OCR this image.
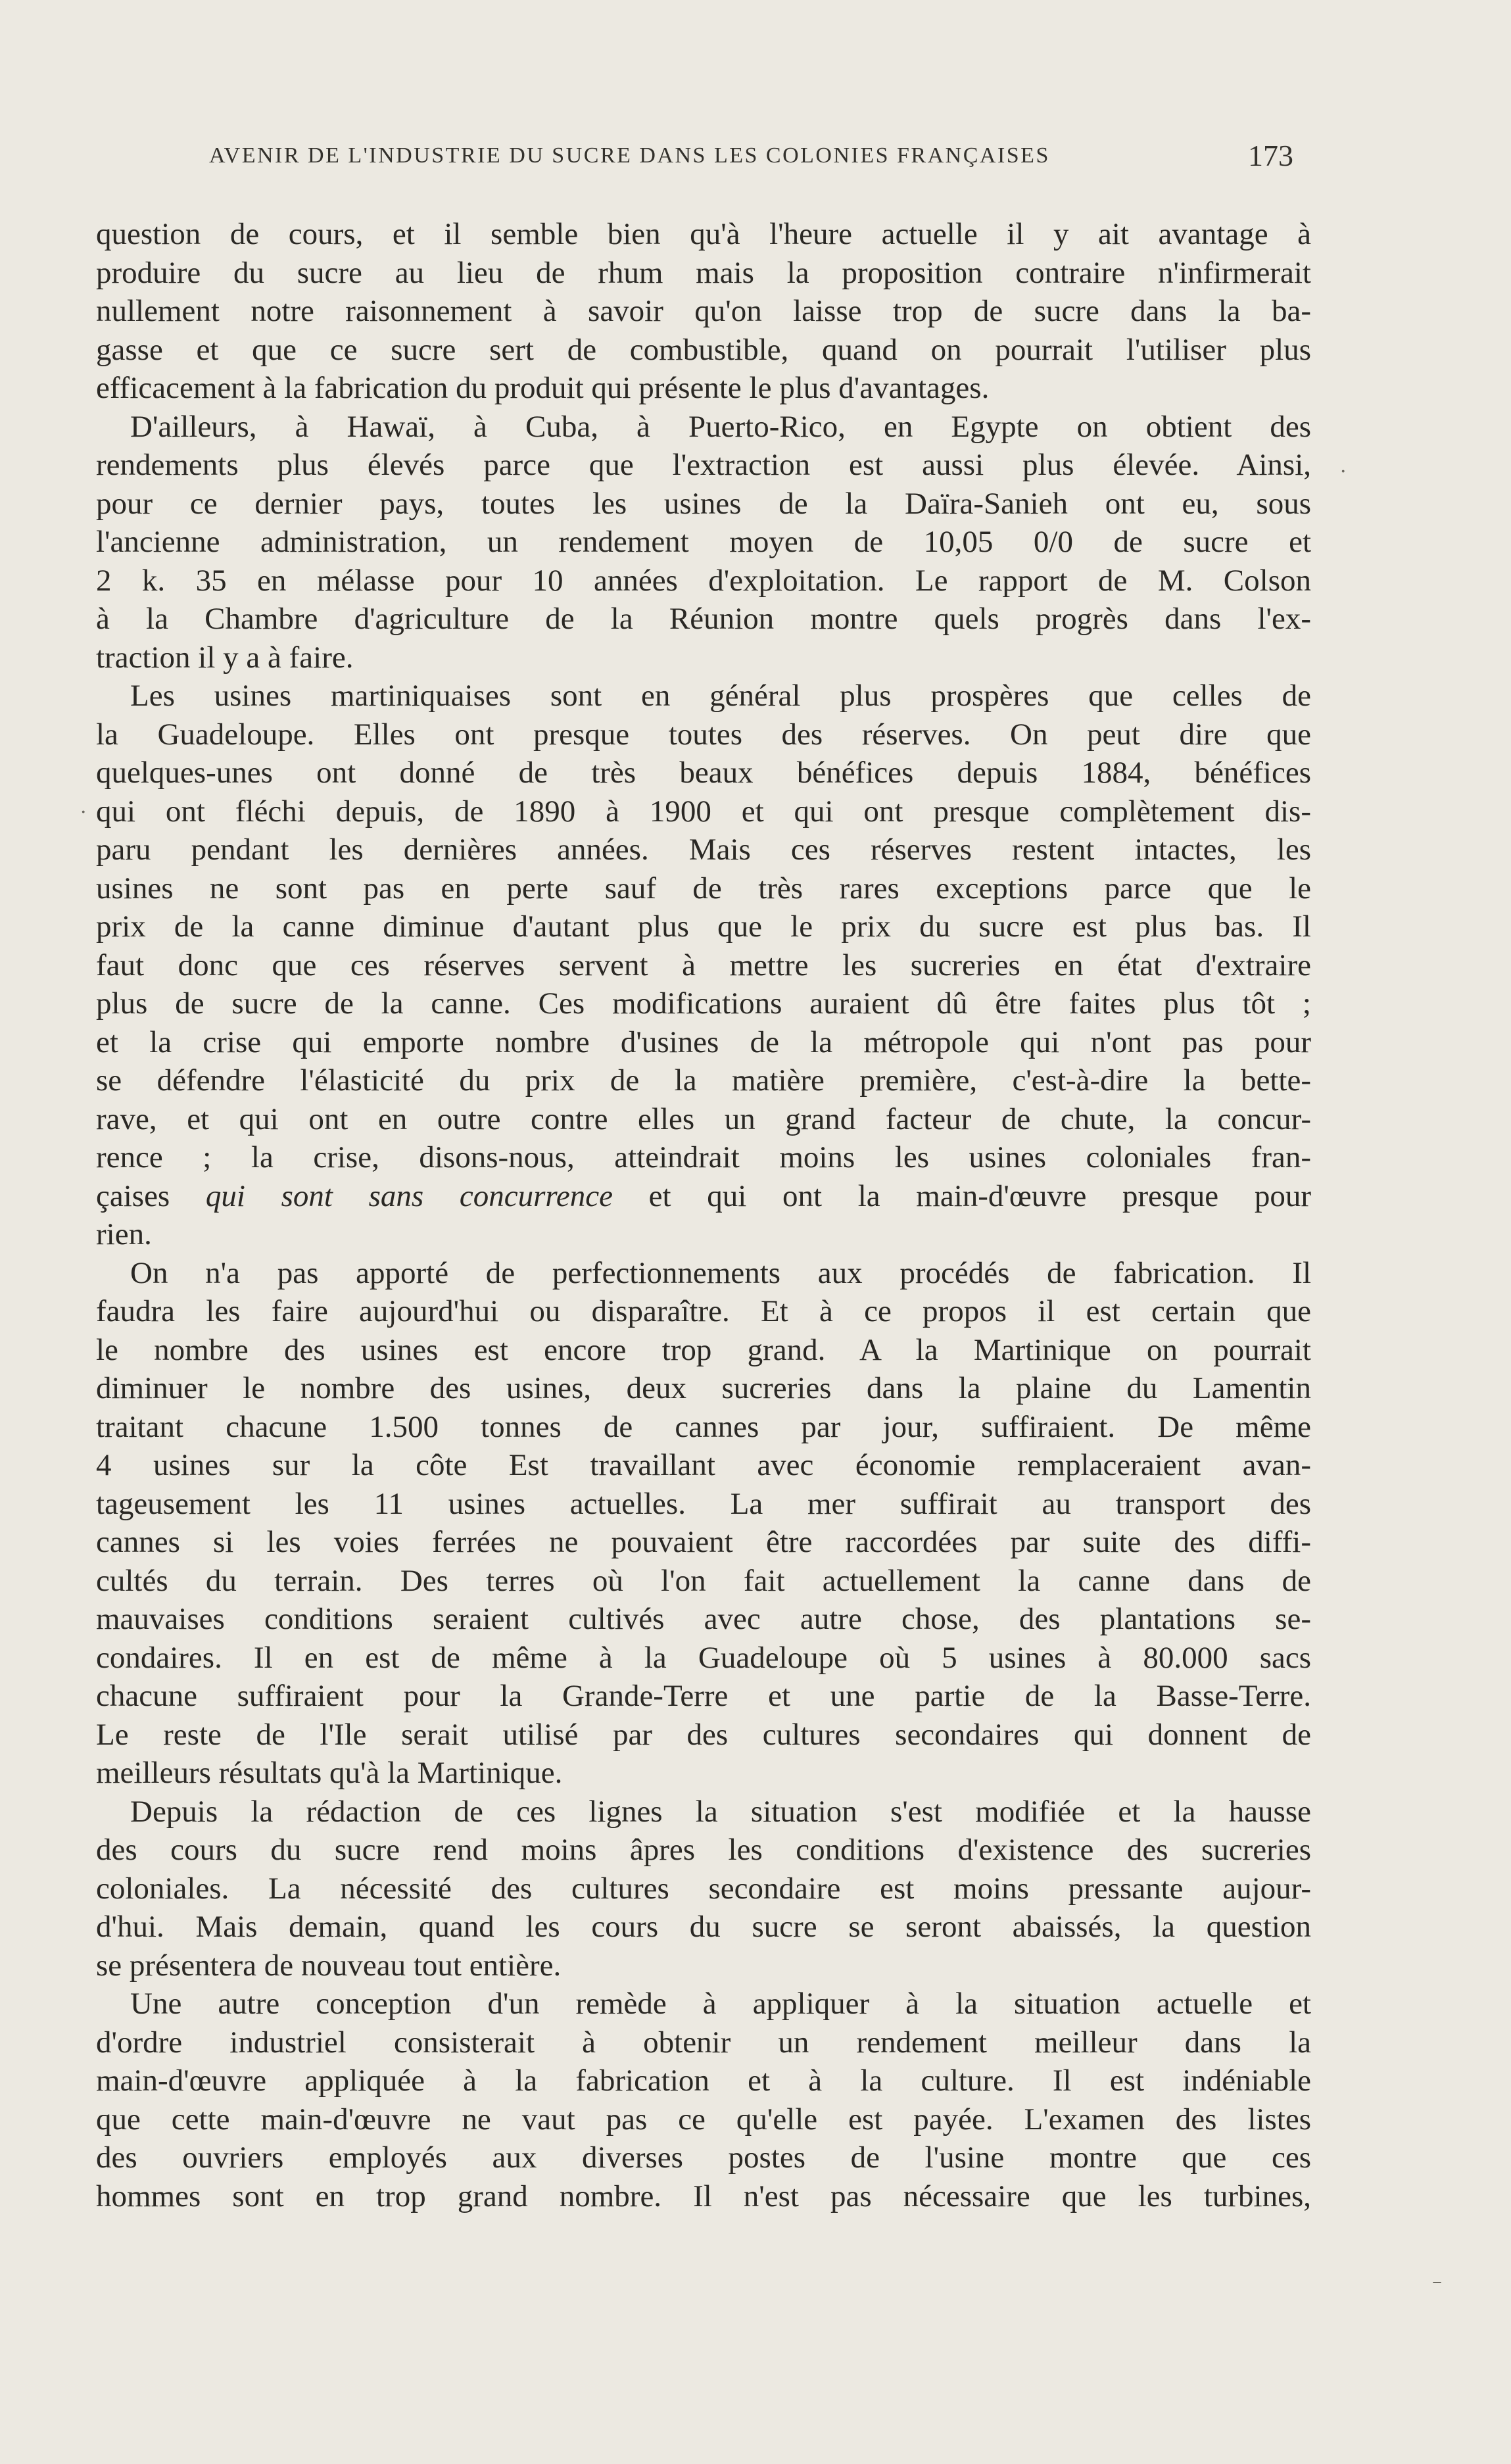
AVENIR DE L'INDUSTRIE DU SUCRE DANS LES COLONIES FRANÇAISES	173
question de cours, et il semble bien qu'à l'heure actuelle il y ait avantage à
produire du sucre au lieu de rhum mais la proposition contraire n'infirmerait
nullement notre raisonnement à savoir qu'on laisse trop de sucre dans la ba-
gasse et que ce sucre sert de combustible, quand on pourrait l'utiliser plus
efficacement à la fabrication du produit qui présente le plus d'avantages.
D'ailleurs, à Hawaï, à Cuba, à Puerto-Rico, en Egypte on obtient des
rendements plus élevés parce que l'extraction est aussi plus élevée. Ainsi,
pour ce dernier pays, toutes les usines de la Daïra-Sanieh ont eu, sous
l'ancienne administration, un rendement moyen de 10,05 0/0 de sucre et
2 k. 35 en mélasse pour 10 années d'exploitation. Le rapport de M. Colson
à la Chambre d'agriculture de la Réunion montre quels progrès dans l'ex-
traction il y a à faire.
Les usines martiniquaises sont en général plus prospères que celles de
la Guadeloupe. Elles ont presque toutes des réserves. On peut dire que
quelques-unes ont donné de très beaux bénéfices depuis 1884, bénéfices
qui ont fléchi depuis, de 1890 à 1900 et qui ont presque complètement dis-
paru pendant les dernières années. Mais ces réserves restent intactes, les
usines ne sont pas en perte sauf de très rares exceptions parce que le
prix de la canne diminue d'autant plus que le prix du sucre est plus bas. Il
faut donc que ces réserves servent à mettre les sucreries en état d'extraire
plus de sucre de la canne. Ces modifications auraient dû être faites plus tôt ;
et la crise qui emporte nombre d'usines de la métropole qui n'ont pas pour
se défendre l'élasticité du prix de la matière première, c'est-à-dire la bette-
rave, et qui ont en outre contre elles un grand facteur de chute, la concur-
rence ; la crise, disons-nous, atteindrait moins les usines coloniales fran-
çaises qui sont sans concurrence et qui ont la main-d'œuvre presque pour
rien.
On n'a pas apporté de perfectionnements aux procédés de fabrication. Il
faudra les faire aujourd'hui ou disparaître. Et à ce propos il est certain que
le nombre des usines est encore trop grand. A la Martinique on pourrait
diminuer le nombre des usines, deux sucreries dans la plaine du Lamentin
traitant chacune 1.500 tonnes de cannes par jour, suffiraient. De même
4 usines sur la côte Est travaillant avec économie remplaceraient avan-
tageusement les 11 usines actuelles. La mer suffirait au transport des
cannes si les voies ferrées ne pouvaient être raccordées par suite des diffi-
cultés du terrain. Des terres où l'on fait actuellement la canne dans de
mauvaises conditions seraient cultivés avec autre chose, des plantations se-
condaires. Il en est de même à la Guadeloupe où 5 usines à 80.000 sacs
chacune suffiraient pour la Grande-Terre et une partie de la Basse-Terre.
Le reste de l'Ile serait utilisé par des cultures secondaires qui donnent de
meilleurs résultats qu'à la Martinique.
Depuis la rédaction de ces lignes la situation s'est modifiée et la hausse
des cours du sucre rend moins âpres les conditions d'existence des sucreries
coloniales. La nécessité des cultures secondaire est moins pressante aujour-
d'hui. Mais demain, quand les cours du sucre se seront abaissés, la question
se présentera de nouveau tout entière.
Une autre conception d'un remède à appliquer à la situation actuelle et
d'ordre industriel consisterait à obtenir un rendement meilleur dans la
main-d'œuvre appliquée à la fabrication et à la culture. Il est indéniable
que cette main-d'œuvre ne vaut pas ce qu'elle est payée. L'examen des listes
des ouvriers employés aux diverses postes de l'usine montre que ces
hommes sont en trop grand nombre. Il n'est pas nécessaire que les turbines,
·
·
–
